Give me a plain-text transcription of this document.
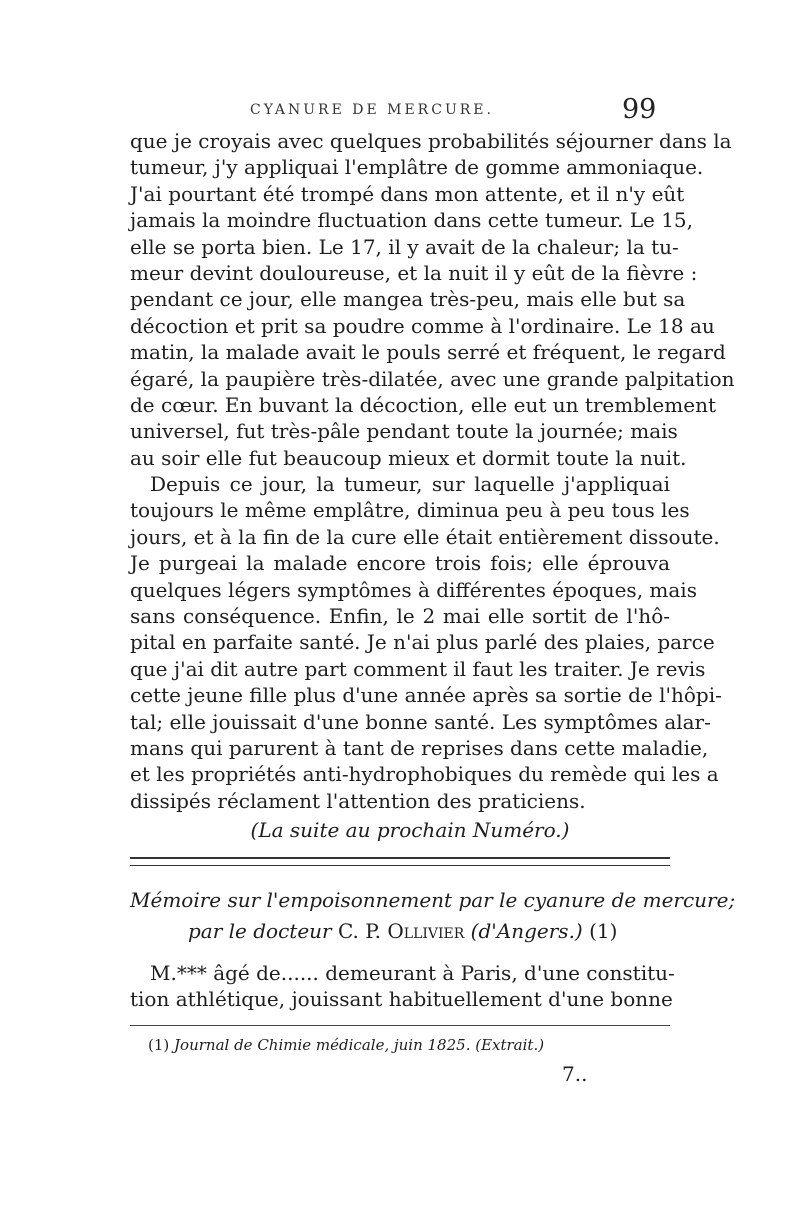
CYANURE DE MERCURE.	99
que je croyais avec quelques probabilités séjourner dans la
tumeur, j'y appliquai l'emplâtre de gomme ammoniaque.
J'ai pourtant été trompé dans mon attente, et il n'y eût
jamais la moindre fluctuation dans cette tumeur. Le 15,
elle se porta bien. Le 17, il y avait de la chaleur; la tu-
meur devint douloureuse, et la nuit il y eût de la fièvre :
pendant ce jour, elle mangea très-peu, mais elle but sa
décoction et prit sa poudre comme à l'ordinaire. Le 18 au
matin, la malade avait le pouls serré et fréquent, le regard
égaré, la paupière très-dilatée, avec une grande palpitation
de cœur. En buvant la décoction, elle eut un tremblement
universel, fut très-pâle pendant toute la journée; mais
au soir elle fut beaucoup mieux et dormit toute la nuit.
Depuis ce jour, la tumeur, sur laquelle j'appliquai
toujours le même emplâtre, diminua peu à peu tous les
jours, et à la fin de la cure elle était entièrement dissoute.
Je purgeai la malade encore trois fois; elle éprouva
quelques légers symptômes à différentes époques, mais
sans conséquence. Enfin, le 2 mai elle sortit de l'hô-
pital en parfaite santé. Je n'ai plus parlé des plaies, parce
que j'ai dit autre part comment il faut les traiter. Je revis
cette jeune fille plus d'une année après sa sortie de l'hôpi-
tal; elle jouissait d'une bonne santé. Les symptômes alar-
mans qui parurent à tant de reprises dans cette maladie,
et les propriétés anti-hydrophobiques du remède qui les a
dissipés réclament l'attention des praticiens.
(La suite au prochain Numéro.)
Mémoire sur l'empoisonnement par le cyanure de mercure;
par le docteur C. P. Ollivier (d'Angers.) (1)
M.*** âgé de...... demeurant à Paris, d'une constitu-
tion athlétique, jouissant habituellement d'une bonne
(1) Journal de Chimie médicale, juin 1825. (Extrait.)
7..
